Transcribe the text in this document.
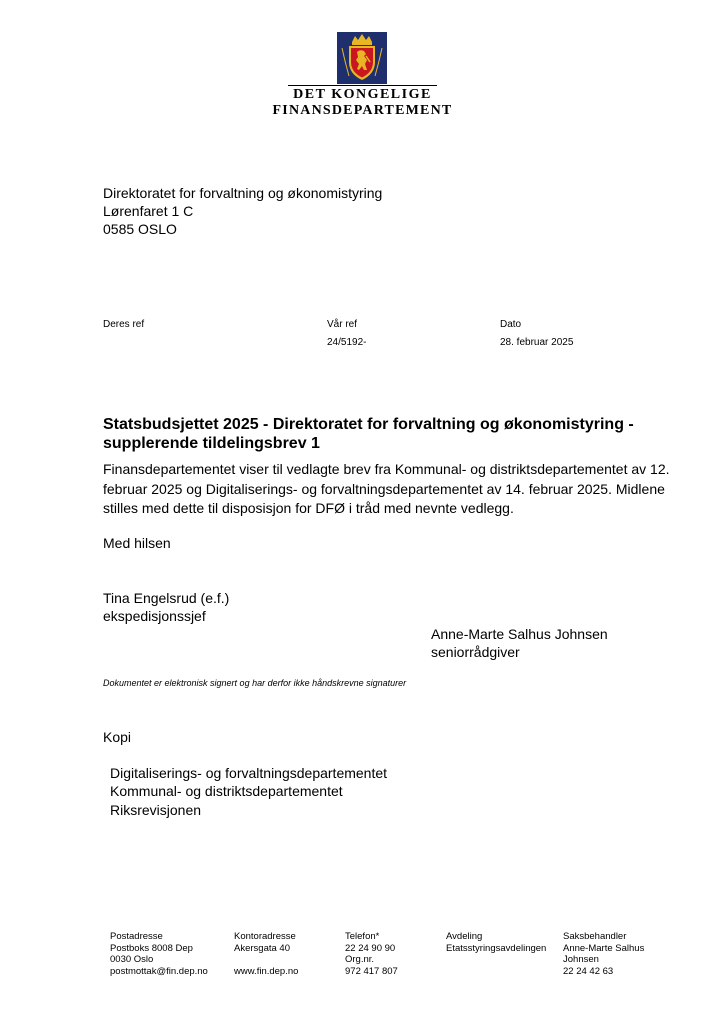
DET KONGELIGE
FINANSDEPARTEMENT
Direktoratet for forvaltning og økonomistyring
Lørenfaret 1 C
0585 OSLO
Deres ref	Vår ref
24/5192-
Dato
28. februar 2025
Statsbudsjettet 2025 - Direktoratet for forvaltning og økonomistyring -
supplerende tildelingsbrev 1
Finansdepartementet viser til vedlagte brev fra Kommunal- og distriktsdepartementet av 12.
februar 2025 og Digitaliserings- og forvaltningsdepartementet av 14. februar 2025. Midlene
stilles med dette til disposisjon for DFØ i tråd med nevnte vedlegg.
Med hilsen
Tina Engelsrud (e.f.)
ekspedisjonssjef
Anne-Marte Salhus Johnsen
seniorrådgiver
Dokumentet er elektronisk signert og har derfor ikke håndskrevne signaturer
Kopi
Digitaliserings- og forvaltningsdepartementet
Kommunal- og distriktsdepartementet
Riksrevisjonen
Postadresse
Postboks 8008 Dep
0030 Oslo
postmottak@fin.dep.no
Kontoradresse
Akersgata 40
www.fin.dep.no
Telefon*
22 24 90 90
Org.nr.
972 417 807
Avdeling
Etatsstyringsavdelingen
Saksbehandler
Anne-Marte Salhus
Johnsen
22 24 42 63
